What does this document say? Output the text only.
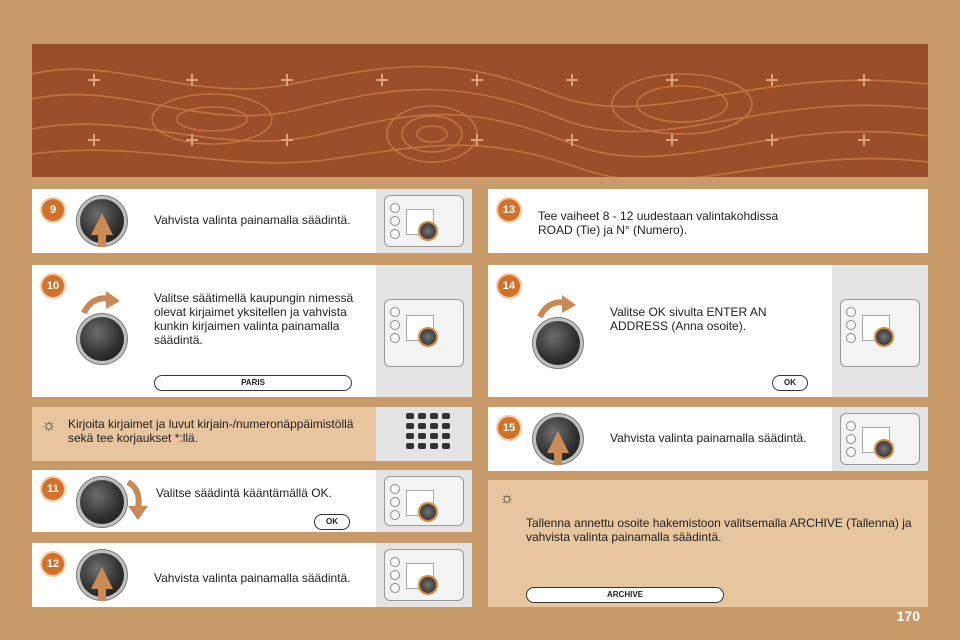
9
Vahvista valinta painamalla säädintä.
10
Valitse säätimellä kaupungin nimessä olevat kirjaimet yksitellen ja vahvista kunkin kirjaimen valinta painamalla säädintä.
PARIS
☼ Kirjoita kirjaimet ja luvut kirjain-/numeronäppäimistöllä sekä tee korjaukset *:llä.
11	Valitse säädintä kääntämällä OK.
OK
12
Vahvista valinta painamalla säädintä.
13	Tee vaiheet 8 - 12 uudestaan valintakohdissa ROAD (Tie) ja N° (Numero).
14
Valitse OK sivulta ENTER AN ADDRESS (Anna osoite).
OK
15
Vahvista valinta painamalla säädintä.
☼
Tallenna annettu osoite hakemistoon valitsemalla ARCHIVE (Tallenna) ja vahvista valinta painamalla säädintä.
ARCHIVE
170
